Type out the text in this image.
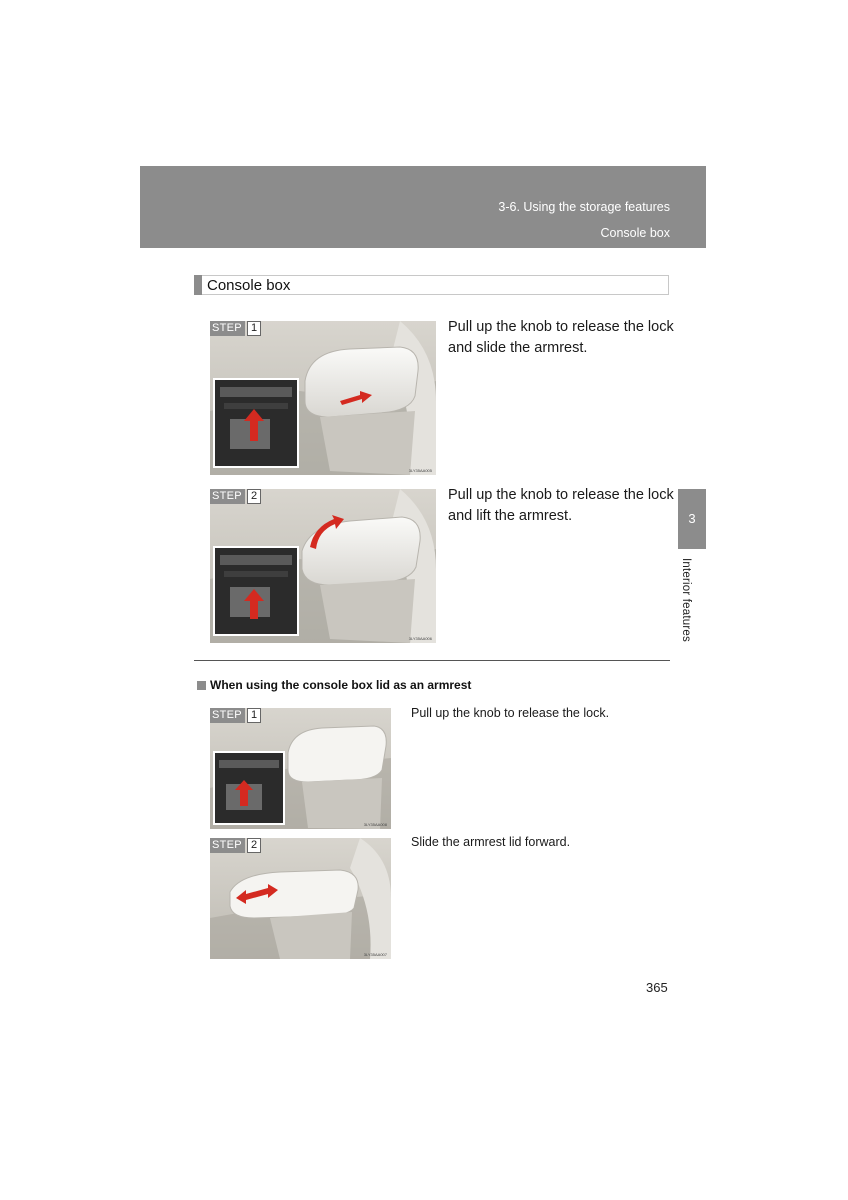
3-6. Using the storage features
Console box
Console box
STEP 1
3LY35AA005
Pull up the knob to release the lock
and slide the armrest.
STEP 2
3LY35AA006
Pull up the knob to release the lock
and lift the armrest.
When using the console box lid as an armrest
STEP 1
3LY35AA008
Pull up the knob to release the lock.
STEP 2
3LY35AA007
Slide the armrest lid forward.
3
Interior features
365
